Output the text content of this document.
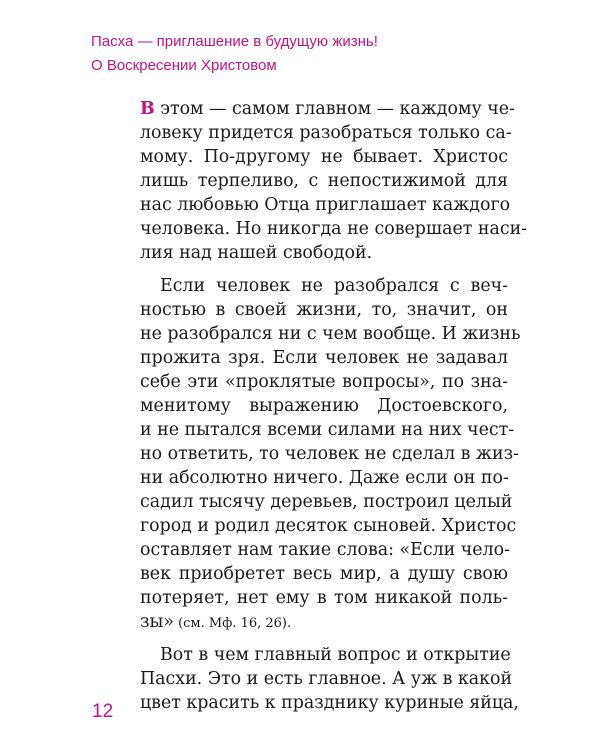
Пасха — приглашение в будущую жизнь!
О Воскресении Христовом
В этом — самом главном — каждому че-
ловеку придется разобраться только са-
мому. По-другому не бывает. Христос
лишь терпеливо, с непостижимой для
нас любовью Отца приглашает каждого
человека. Но никогда не совершает наси-
лия над нашей свободой.
Если человек не разобрался с веч-
ностью в своей жизни, то, значит, он
не разобрался ни с чем вообще. И жизнь
прожита зря. Если человек не задавал
себе эти «проклятые вопросы», по зна-
менитому выражению Достоевского,
и не пытался всеми силами на них чест-
но ответить, то человек не сделал в жиз-
ни абсолютно ничего. Даже если он по-
садил тысячу деревьев, построил целый
город и родил десяток сыновей. Христос
оставляет нам такие слова: «Если чело-
век приобретет весь мир, а душу свою
потеряет, нет ему в том никакой поль-
зы» (см. Мф. 16, 26).
Вот в чем главный вопрос и открытие
Пасхи. Это и есть главное. А уж в какой
цвет красить к празднику куриные яйца,
12
